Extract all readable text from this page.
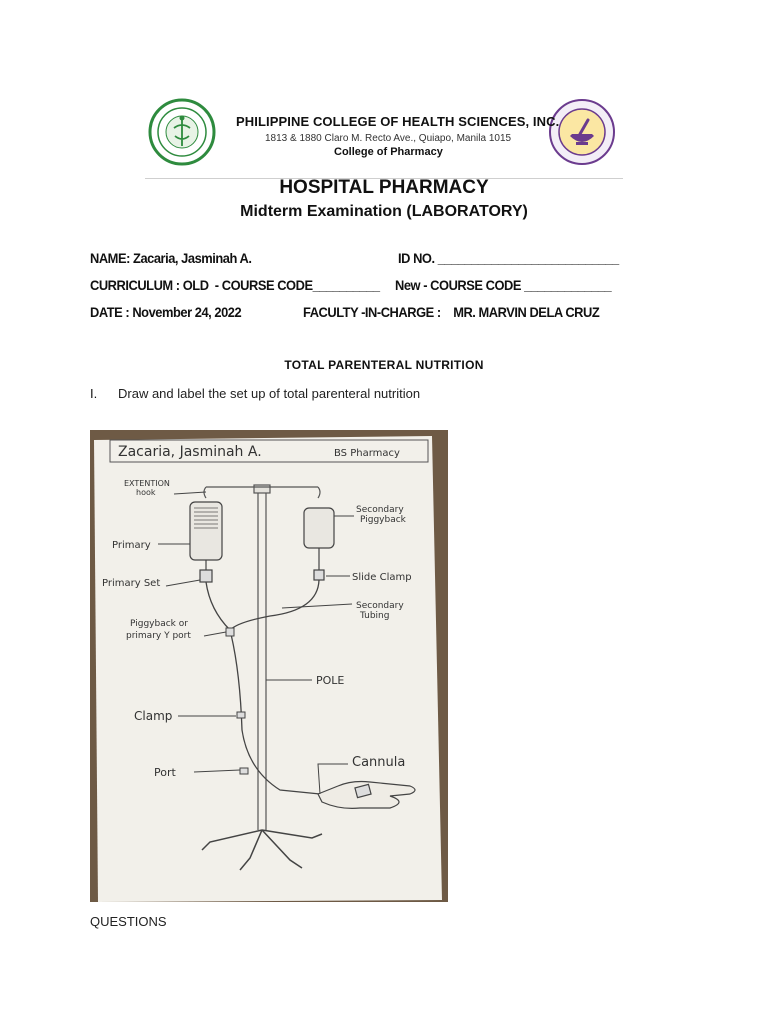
PHILIPPINE COLLEGE OF HEALTH SCIENCES, INC.
1813 & 1880 Claro M. Recto Ave., Quiapo, Manila 1015
College of Pharmacy
HOSPITAL PHARMACY
Midterm Examination (LABORATORY)
NAME: Zacaria, Jasminah A.	ID NO. ___________________________
CURRICULUM : OLD  - COURSE CODE__________ New - COURSE CODE _____________
DATE : November 24, 2022	FACULTY -IN-CHARGE :    MR. MARVIN DELA CRUZ
TOTAL PARENTERAL NUTRITION
I. Draw and label the set up of total parenteral nutrition
Zacaria, Jasminah A.	BS Pharmacy
EXTENTION
hook
Primary
Primary Set
Piggyback or
primary Y port
Clamp
Port
Secondary
Piggyback
Slide Clamp
Secondary
Tubing
POLE
Cannula
QUESTIONS
